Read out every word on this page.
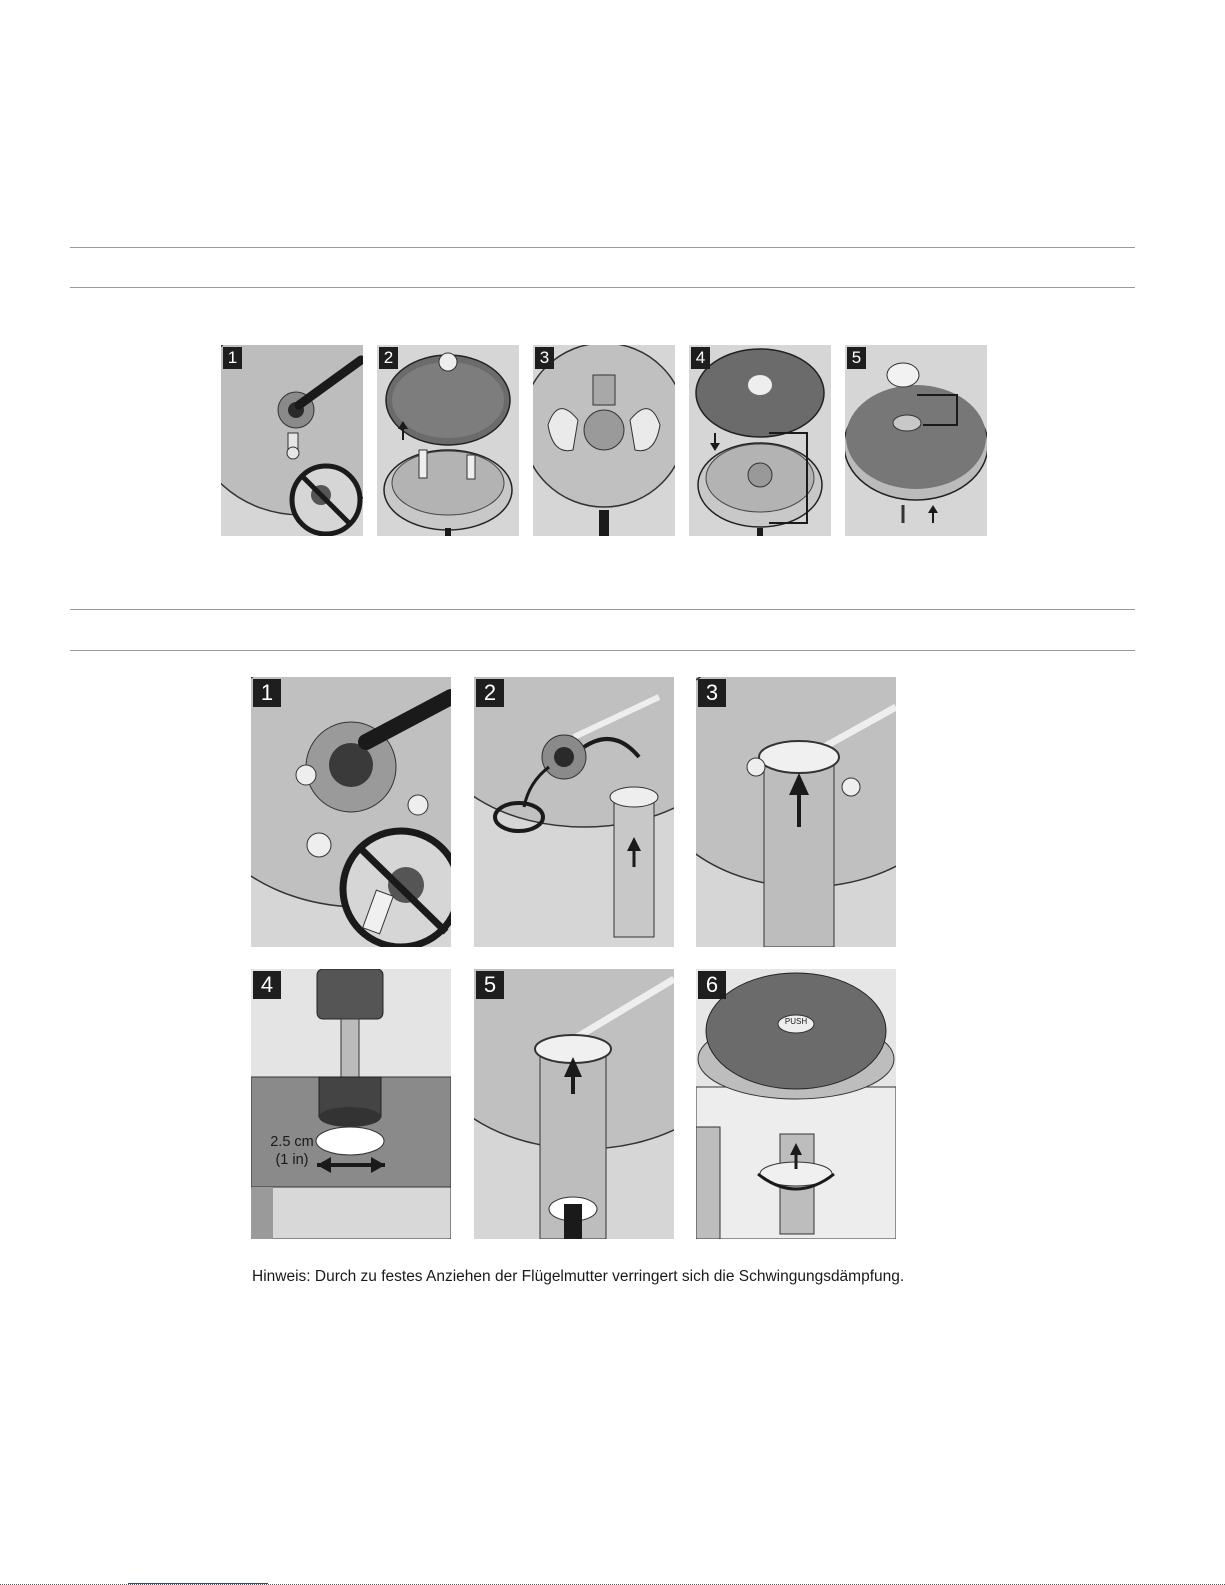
1	2	3	4	5
1	2	3
4
2.5 cm
(1 in)
5	6
PUSH
Hinweis: Durch zu festes Anziehen der Flügelmutter verringert sich die Schwingungsdämpfung.
